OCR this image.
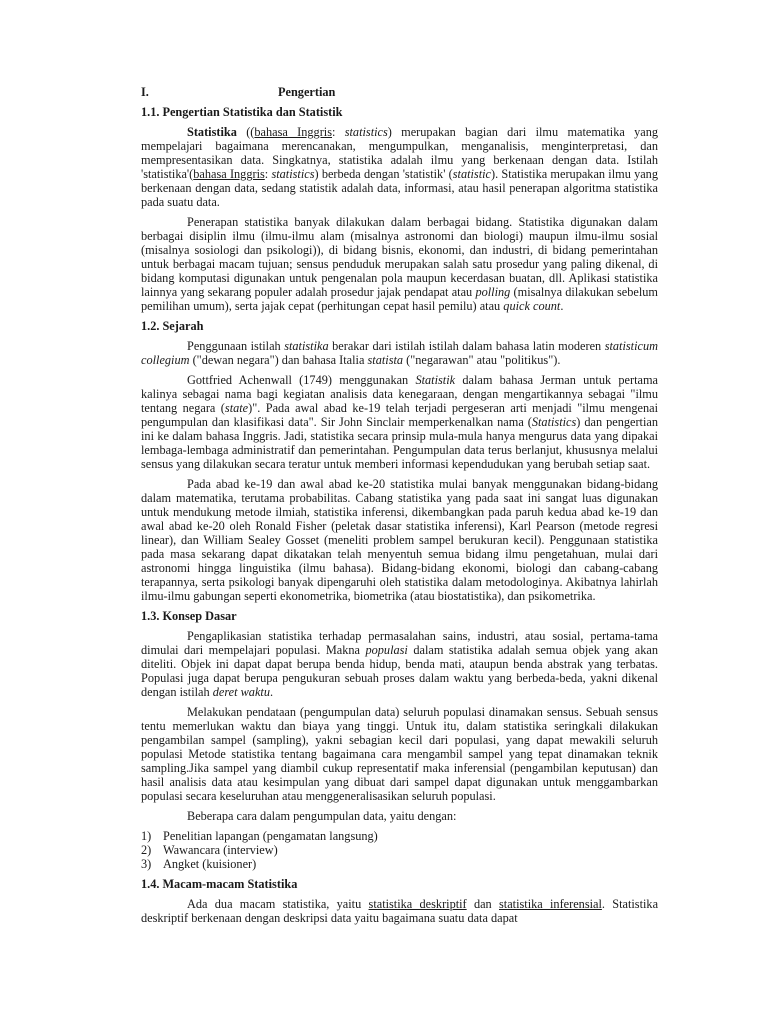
I.	Pengertian
1.1. Pengertian Statistika dan Statistik

Statistika ((bahasa Inggris: statistics) merupakan bagian dari ilmu matematika yang mempelajari bagaimana merencanakan, mengumpulkan, menganalisis, menginterpretasi, dan mempresentasikan data. Singkatnya, statistika adalah ilmu yang berkenaan dengan data. Istilah 'statistika'(bahasa Inggris: statistics) berbeda dengan 'statistik' (statistic). Statistika merupakan ilmu yang berkenaan dengan data, sedang statistik adalah data, informasi, atau hasil penerapan algoritma statistika pada suatu data.

Penerapan statistika banyak dilakukan dalam berbagai bidang. Statistika digunakan dalam berbagai disiplin ilmu (ilmu-ilmu alam (misalnya astronomi dan biologi) maupun ilmu-ilmu sosial (misalnya sosiologi dan psikologi)), di bidang bisnis, ekonomi, dan industri, di bidang pemerintahan untuk berbagai macam tujuan; sensus penduduk merupakan salah satu prosedur yang paling dikenal, di bidang komputasi digunakan untuk pengenalan pola maupun kecerdasan buatan, dll. Aplikasi statistika lainnya yang sekarang populer adalah prosedur jajak pendapat atau polling (misalnya dilakukan sebelum pemilihan umum), serta jajak cepat (perhitungan cepat hasil pemilu) atau quick count.

1.2. Sejarah

Penggunaan istilah statistika berakar dari istilah istilah dalam bahasa latin moderen statisticum collegium ("dewan negara") dan bahasa Italia statista ("negarawan" atau "politikus").

Gottfried Achenwall (1749) menggunakan Statistik dalam bahasa Jerman untuk pertama kalinya sebagai nama bagi kegiatan analisis data kenegaraan, dengan mengartikannya sebagai "ilmu tentang negara (state)". Pada awal abad ke-19 telah terjadi pergeseran arti menjadi "ilmu mengenai pengumpulan dan klasifikasi data". Sir John Sinclair memperkenalkan nama (Statistics) dan pengertian ini ke dalam bahasa Inggris. Jadi, statistika secara prinsip mula-mula hanya mengurus data yang dipakai lembaga-lembaga administratif dan pemerintahan. Pengumpulan data terus berlanjut, khususnya melalui sensus yang dilakukan secara teratur untuk memberi informasi kependudukan yang berubah setiap saat.

Pada abad ke-19 dan awal abad ke-20 statistika mulai banyak menggunakan bidang-bidang dalam matematika, terutama probabilitas. Cabang statistika yang pada saat ini sangat luas digunakan untuk mendukung metode ilmiah, statistika inferensi, dikembangkan pada paruh kedua abad ke-19 dan awal abad ke-20 oleh Ronald Fisher (peletak dasar statistika inferensi), Karl Pearson (metode regresi linear), dan William Sealey Gosset (meneliti problem sampel berukuran kecil). Penggunaan statistika pada masa sekarang dapat dikatakan telah menyentuh semua bidang ilmu pengetahuan, mulai dari astronomi hingga linguistika (ilmu bahasa). Bidang-bidang ekonomi, biologi dan cabang-cabang terapannya, serta psikologi banyak dipengaruhi oleh statistika dalam metodologinya. Akibatnya lahirlah ilmu-ilmu gabungan seperti ekonometrika, biometrika (atau biostatistika), dan psikometrika.

1.3. Konsep Dasar

Pengaplikasian statistika terhadap permasalahan sains, industri, atau sosial, pertama-tama dimulai dari mempelajari populasi. Makna populasi dalam statistika adalah semua objek yang akan diteliti. Objek ini dapat dapat berupa benda hidup, benda mati, ataupun benda abstrak yang terbatas. Populasi juga dapat berupa pengukuran sebuah proses dalam waktu yang berbeda-beda, yakni dikenal dengan istilah deret waktu.

Melakukan pendataan (pengumpulan data) seluruh populasi dinamakan sensus. Sebuah sensus tentu memerlukan waktu dan biaya yang tinggi. Untuk itu, dalam statistika seringkali dilakukan pengambilan sampel (sampling), yakni sebagian kecil dari populasi, yang dapat mewakili seluruh populasi Metode statistika tentang bagaimana cara mengambil sampel yang tepat dinamakan teknik sampling.Jika sampel yang diambil cukup representatif maka inferensial (pengambilan keputusan) dan hasil analisis data atau kesimpulan yang dibuat dari sampel dapat digunakan untuk menggambarkan populasi secara keseluruhan atau menggeneralisasikan seluruh populasi.

Beberapa cara dalam pengumpulan data, yaitu dengan:
1) Penelitian lapangan (pengamatan langsung)
2) Wawancara (interview)
3) Angket (kuisioner)
1.4. Macam-macam Statistika

Ada dua macam statistika, yaitu statistika deskriptif dan statistika inferensial. Statistika deskriptif berkenaan dengan deskripsi data yaitu bagaimana suatu data dapat
